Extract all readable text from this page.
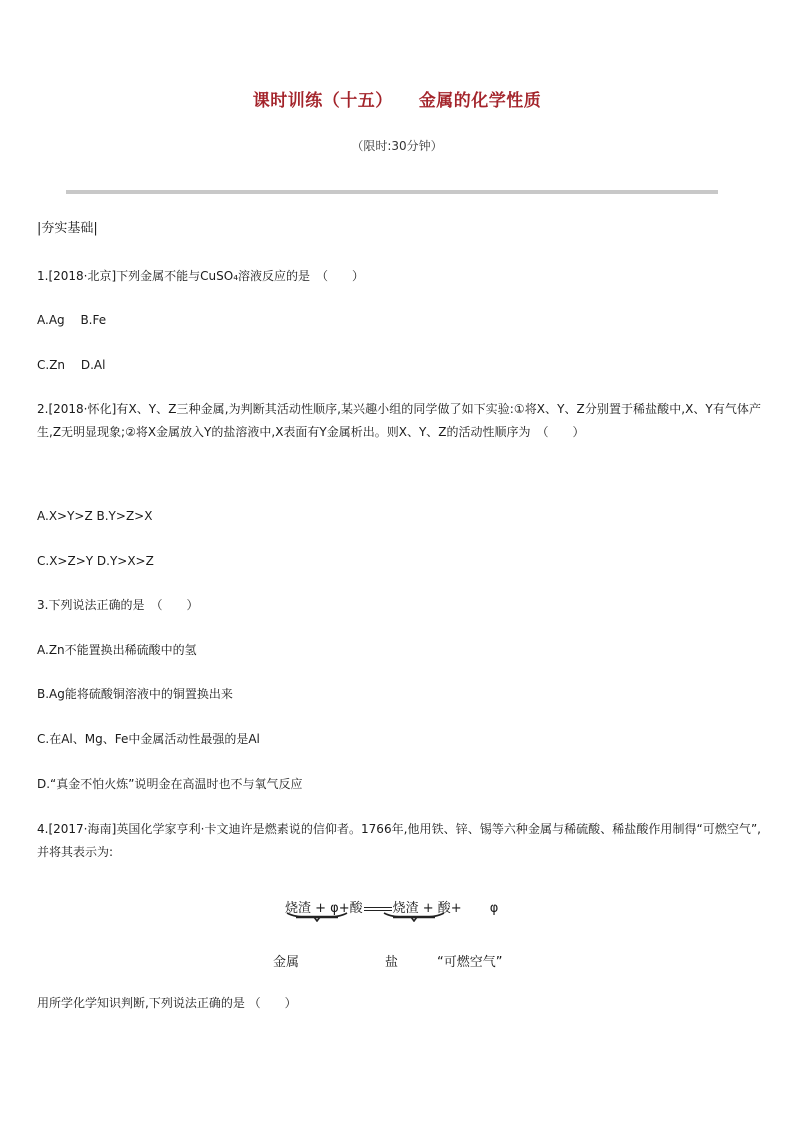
课时训练（十五） 金属的化学性质
（限时:30分钟）
|夯实基础|
1.[2018·北京]下列金属不能与CuSO₄溶液反应的是　（　　）
A.Ag　 B.Fe
C.Zn　 D.Al
2.[2018·怀化]有X、Y、Z三种金属,为判断其活动性顺序,某兴趣小组的同学做了如下实验:①将X、Y、Z分别置于稀盐酸中,X、Y有气体产生,Z无明显现象;②将X金属放入Y的盐溶液中,X表面有Y金属析出。则X、Y、Z的活动性顺序为　（　　）
A.X>Y>Z B.Y>Z>X
C.X>Z>Y D.Y>X>Z
3.下列说法正确的是　（　　）
A.Zn不能置换出稀硫酸中的氢
B.Ag能将硫酸铜溶液中的铜置换出来
C.在Al、Mg、Fe中金属活动性最强的是Al
D.“真金不怕火炼”说明金在高温时也不与氧气反应
4.[2017·海南]英国化学家亨利·卡文迪许是燃素说的信仰者。1766年,他用铁、锌、锡等六种金属与稀硫酸、稀盐酸作用制得“可燃空气”,并将其表示为:
烧渣 + φ+酸 烧渣 + 酸+ φ
金属	盐	“可燃空气”
用所学化学知识判断,下列说法正确的是 （　　）
